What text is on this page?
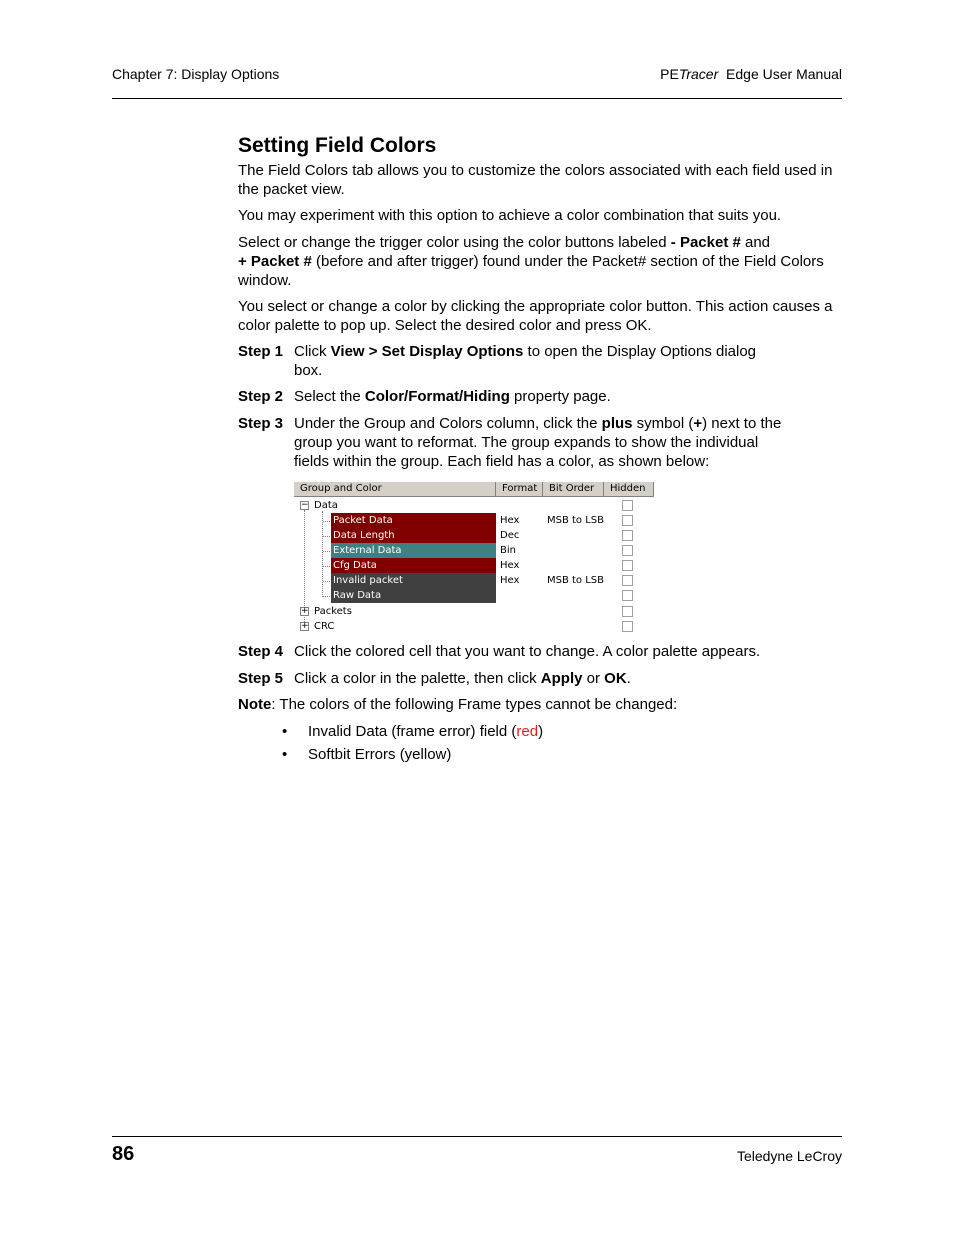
Chapter 7: Display Options	PETracer Edge User Manual
Setting Field Colors
The Field Colors tab allows you to customize the colors associated with each field used in the packet view.
You may experiment with this option to achieve a color combination that suits you.
Select or change the trigger color using the color buttons labeled - Packet # and
+ Packet # (before and after trigger) found under the Packet# section of the Field Colors window.
You select or change a color by clicking the appropriate color button. This action causes a color palette to pop up. Select the desired color and press OK.
Step 1 Click View > Set Display Options to open the Display Options dialog box.
Step 2 Select the Color/Format/Hiding property page.
Step 3 Under the Group and Colors column, click the plus symbol (+) next to the group you want to reformat. The group expands to show the individual fields within the group. Each field has a color, as shown below:
Group and Color	Format	Bit Order	Hidden
− Data
Packet Data	Hex	MSB to LSB
Data Length	Dec
External Data	Bin
Cfg Data	Hex
Invalid packet	Hex	MSB to LSB
Raw Data
+ Packets
+ CRC
Step 4 Click the colored cell that you want to change. A color palette appears.
Step 5 Click a color in the palette, then click Apply or OK.
Note: The colors of the following Frame types cannot be changed:
• Invalid Data (frame error) field (red)
• Softbit Errors (yellow)
86	Teledyne LeCroy
